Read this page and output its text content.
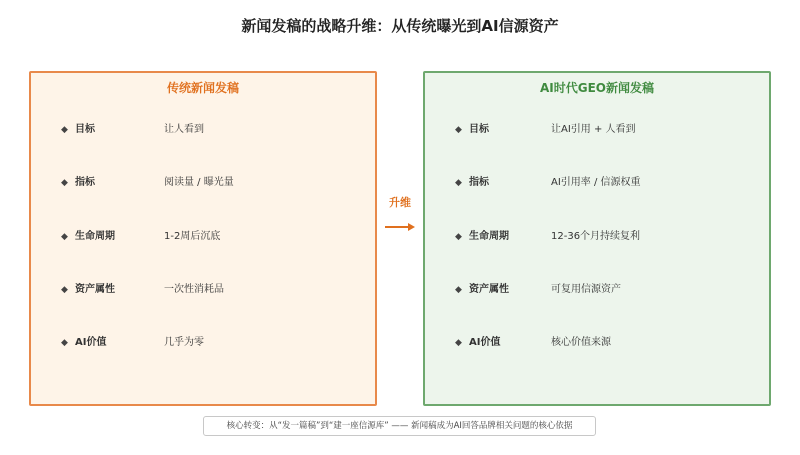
新闻发稿的战略升维：从传统曝光到AI信源资产
传统新闻发稿
◆ 目标	让人看到
◆ 指标	阅读量 / 曝光量
◆ 生命周期	1-2周后沉底
◆ 资产属性	一次性消耗品
◆ AI价值	几乎为零
升维
AI时代GEO新闻发稿
◆ 目标	让AI引用 + 人看到
◆ 指标	AI引用率 / 信源权重
◆ 生命周期	12-36个月持续复利
◆ 资产属性	可复用信源资产
◆ AI价值	核心价值来源
核心转变：从“发一篇稿”到“建一座信源库” —— 新闻稿成为AI回答品牌相关问题的核心依据
